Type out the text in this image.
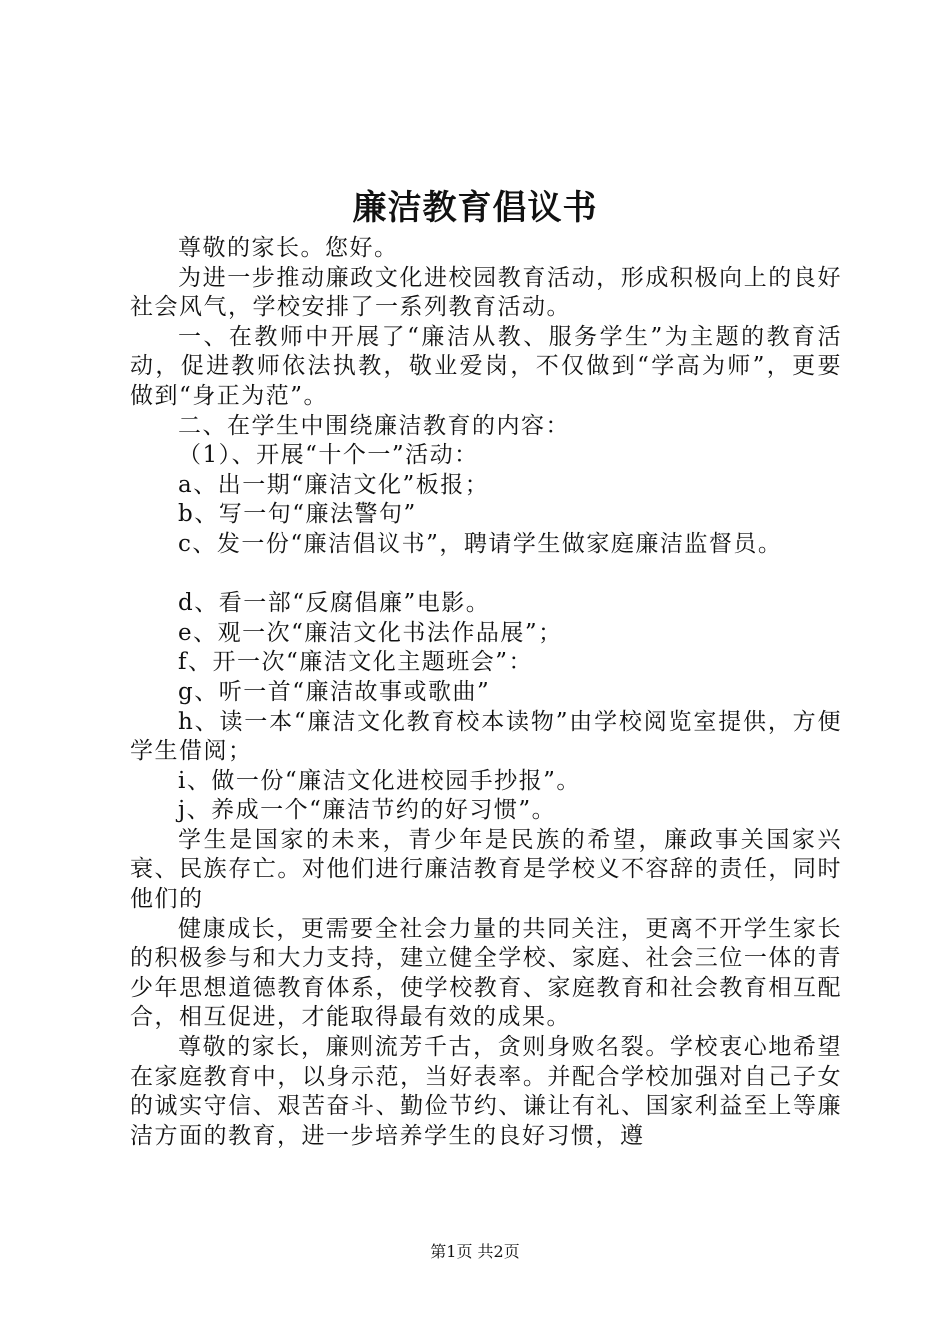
廉洁教育倡议书

尊敬的家长。您好。

为进一步推动廉政文化进校园教育活动，形成积极向上的良好社会风气，学校安排了一系列教育活动。

一、在教师中开展了“廉洁从教、服务学生”为主题的教育活动，促进教师依法执教，敬业爱岗，不仅做到“学高为师”，更要做到“身正为范”。

二、在学生中围绕廉洁教育的内容：

（1）、开展“十个一”活动：

a、出一期“廉洁文化”板报；

b、写一句“廉法警句”

c、发一份“廉洁倡议书”，聘请学生做家庭廉洁监督员。

d、看一部“反腐倡廉”电影。

e、观一次“廉洁文化书法作品展”；

f、开一次“廉洁文化主题班会”：

g、听一首“廉洁故事或歌曲”

h、读一本“廉洁文化教育校本读物”由学校阅览室提供，方便学生借阅；

i、做一份“廉洁文化进校园手抄报”。

j、养成一个“廉洁节约的好习惯”。

学生是国家的未来，青少年是民族的希望，廉政事关国家兴衰、民族存亡。对他们进行廉洁教育是学校义不容辞的责任，同时他们的

健康成长，更需要全社会力量的共同关注，更离不开学生家长的积极参与和大力支持，建立健全学校、家庭、社会三位一体的青少年思想道德教育体系，使学校教育、家庭教育和社会教育相互配合，相互促进，才能取得最有效的成果。

尊敬的家长，廉则流芳千古，贪则身败名裂。学校衷心地希望在家庭教育中，以身示范，当好表率。并配合学校加强对自己子女的诚实守信、艰苦奋斗、勤俭节约、谦让有礼、国家利益至上等廉洁方面的教育，进一步培养学生的良好习惯，遵

第1页 共2页
